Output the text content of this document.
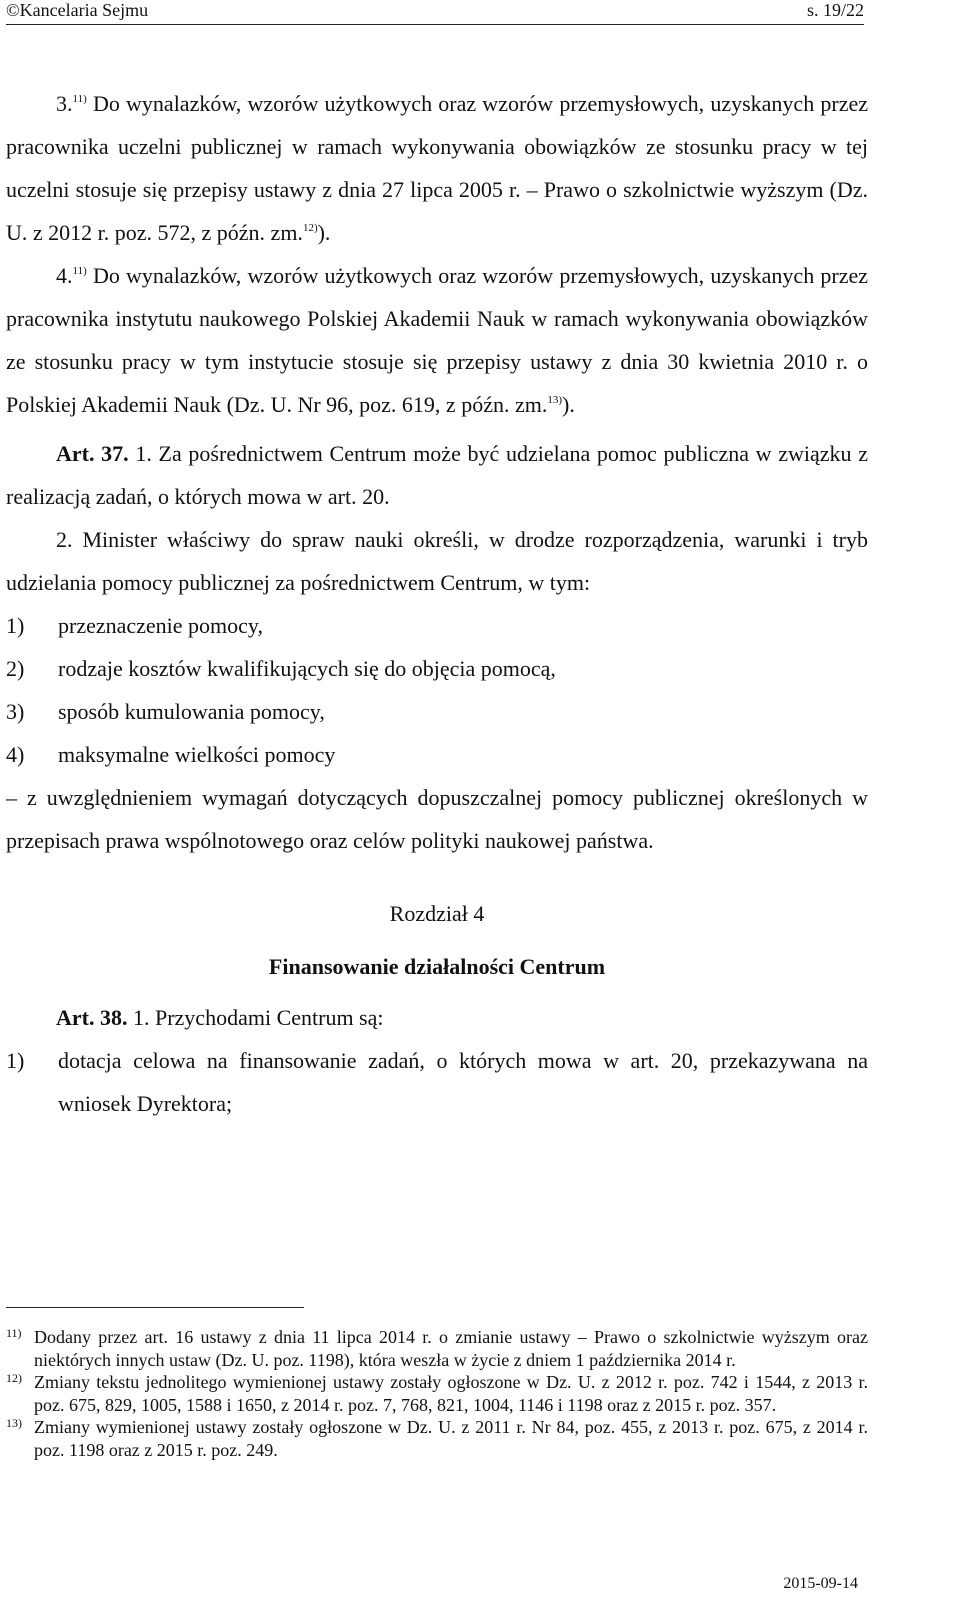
©Kancelaria Sejmu	s. 19/22

3.$^{11)}$ Do wynalazków, wzorów użytkowych oraz wzorów przemysłowych, uzyskanych przez pracownika uczelni publicznej w ramach wykonywania obowiązków ze stosunku pracy w tej uczelni stosuje się przepisy ustawy z dnia 27 lipca 2005 r. – Prawo o szkolnictwie wyższym (Dz. U. z 2012 r. poz. 572, z późn. zm.$^{12)}$).

4.$^{11)}$ Do wynalazków, wzorów użytkowych oraz wzorów przemysłowych, uzyskanych przez pracownika instytutu naukowego Polskiej Akademii Nauk w ramach wykonywania obowiązków ze stosunku pracy w tym instytucie stosuje się przepisy ustawy z dnia 30 kwietnia 2010 r. o Polskiej Akademii Nauk (Dz. U. Nr 96, poz. 619, z późn. zm.$^{13)}$).

Art. 37. 1. Za pośrednictwem Centrum może być udzielana pomoc publiczna w związku z realizacją zadań, o których mowa w art. 20.

2. Minister właściwy do spraw nauki określi, w drodze rozporządzenia, warunki i tryb udzielania pomocy publicznej za pośrednictwem Centrum, w tym:

1)	przeznaczenie pomocy,
2)	rodzaje kosztów kwalifikujących się do objęcia pomocą,
3)	sposób kumulowania pomocy,
4)	maksymalne wielkości pomocy

– z uwzględnieniem wymagań dotyczących dopuszczalnej pomocy publicznej określonych w przepisach prawa wspólnotowego oraz celów polityki naukowej państwa.

Rozdział 4

Finansowanie działalności Centrum

Art. 38. 1. Przychodami Centrum są:

1)	dotacja celowa na finansowanie zadań, o których mowa w art. 20, przekazywana na wniosek Dyrektora;
11) Dodany przez art. 16 ustawy z dnia 11 lipca 2014 r. o zmianie ustawy – Prawo o szkolnictwie wyższym oraz niektórych innych ustaw (Dz. U. poz. 1198), która weszła w życie z dniem 1 października 2014 r.
12) Zmiany tekstu jednolitego wymienionej ustawy zostały ogłoszone w Dz. U. z 2012 r. poz. 742 i 1544, z 2013 r. poz. 675, 829, 1005, 1588 i 1650, z 2014 r. poz. 7, 768, 821, 1004, 1146 i 1198 oraz z 2015 r. poz. 357.
13) Zmiany wymienionej ustawy zostały ogłoszone w Dz. U. z 2011 r. Nr 84, poz. 455, z 2013 r. poz. 675, z 2014 r. poz. 1198 oraz z 2015 r. poz. 249.
2015-09-14
